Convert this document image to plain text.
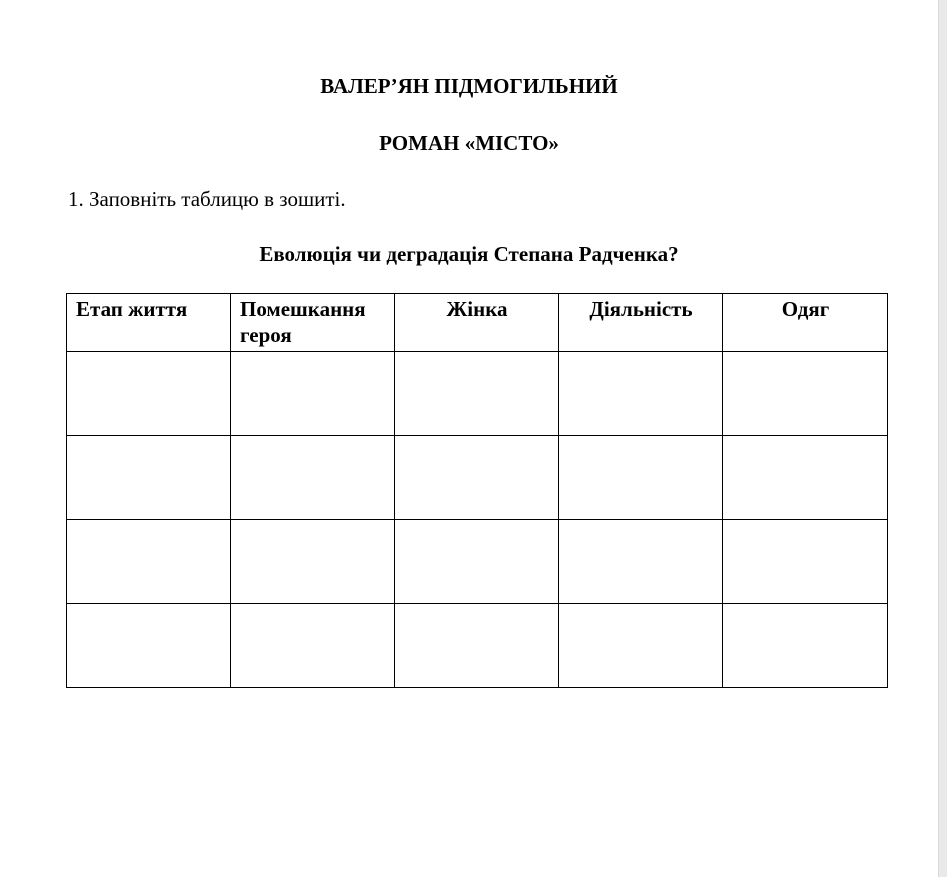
ВАЛЕР’ЯН ПІДМОГИЛЬНИЙ
РОМАН «МІСТО»
1. Заповніть таблицю в зошиті.
Еволюція чи деградація Степана Радченка?
Етап життя	Помешкання героя	Жінка	Діяльність	Одяг
